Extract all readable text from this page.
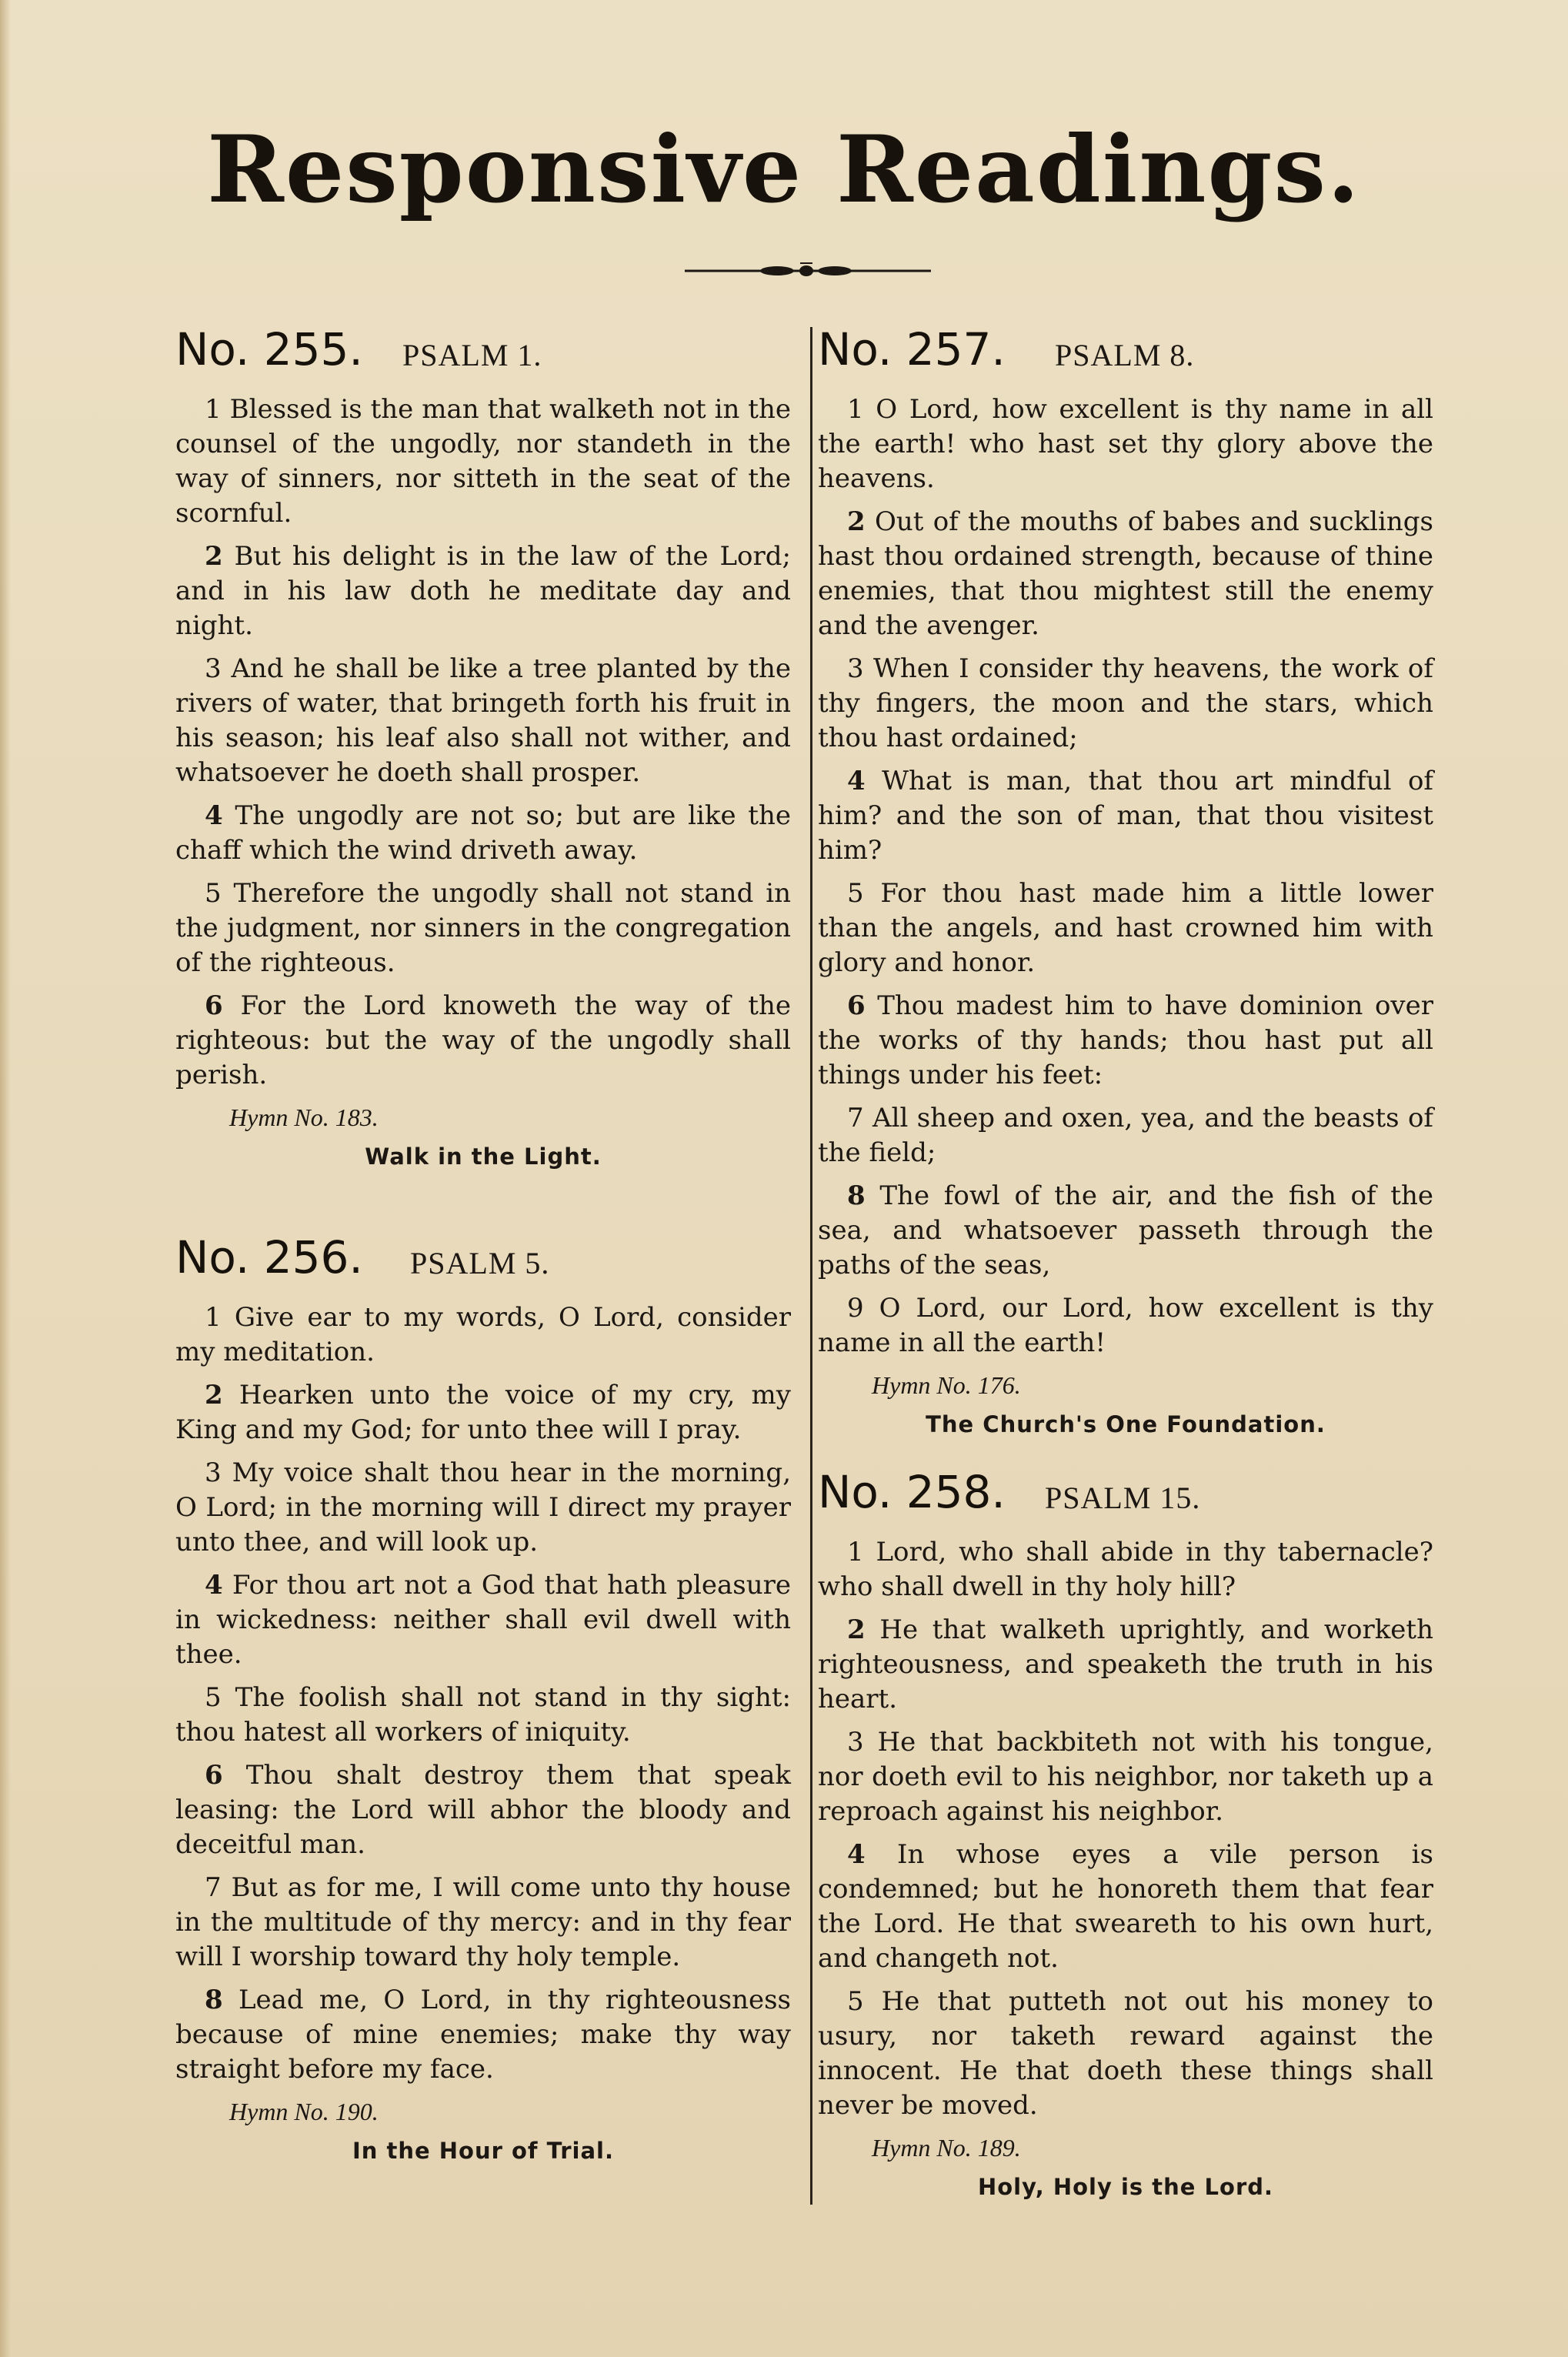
Responsive Readings.
No. 255. PSALM 1.

1 Blessed is the man that walketh not in the counsel of the ungodly, nor standeth in the way of sinners, nor sitteth in the seat of the scornful.

2 But his delight is in the law of the Lord; and in his law doth he meditate day and night.

3 And he shall be like a tree planted by the rivers of water, that bringeth forth his fruit in his season; his leaf also shall not wither, and whatsoever he doeth shall prosper.

4 The ungodly are not so; but are like the chaff which the wind driveth away.

5 Therefore the ungodly shall not stand in the judgment, nor sinners in the congregation of the righteous.

6 For the Lord knoweth the way of the righteous: but the way of the ungodly shall perish.

Hymn No. 183.
Walk in the Light.
No. 256. PSALM 5.

1 Give ear to my words, O Lord, consider my meditation.

2 Hearken unto the voice of my cry, my King and my God; for unto thee will I pray.

3 My voice shalt thou hear in the morning, O Lord; in the morning will I direct my prayer unto thee, and will look up.

4 For thou art not a God that hath pleasure in wickedness: neither shall evil dwell with thee.

5 The foolish shall not stand in thy sight: thou hatest all workers of iniquity.

6 Thou shalt destroy them that speak leasing: the Lord will abhor the bloody and deceitful man.

7 But as for me, I will come unto thy house in the multitude of thy mercy: and in thy fear will I worship toward thy holy temple.

8 Lead me, O Lord, in thy righteousness because of mine enemies; make thy way straight before my face.

Hymn No. 190.
In the Hour of Trial.
No. 257. PSALM 8.

1 O Lord, how excellent is thy name in all the earth! who hast set thy glory above the heavens.

2 Out of the mouths of babes and sucklings hast thou ordained strength, because of thine enemies, that thou mightest still the enemy and the avenger.

3 When I consider thy heavens, the work of thy fingers, the moon and the stars, which thou hast ordained;

4 What is man, that thou art mindful of him? and the son of man, that thou visitest him?

5 For thou hast made him a little lower than the angels, and hast crowned him with glory and honor.

6 Thou madest him to have dominion over the works of thy hands; thou hast put all things under his feet:

7 All sheep and oxen, yea, and the beasts of the field;

8 The fowl of the air, and the fish of the sea, and whatsoever passeth through the paths of the seas,

9 O Lord, our Lord, how excellent is thy name in all the earth!

Hymn No. 176.
The Church's One Foundation.
No. 258. PSALM 15.

1 Lord, who shall abide in thy tabernacle? who shall dwell in thy holy hill?

2 He that walketh uprightly, and worketh righteousness, and speaketh the truth in his heart.

3 He that backbiteth not with his tongue, nor doeth evil to his neighbor, nor taketh up a reproach against his neighbor.

4 In whose eyes a vile person is condemned; but he honoreth them that fear the Lord. He that sweareth to his own hurt, and changeth not.

5 He that putteth not out his money to usury, nor taketh reward against the innocent. He that doeth these things shall never be moved.

Hymn No. 189.
Holy, Holy is the Lord.
